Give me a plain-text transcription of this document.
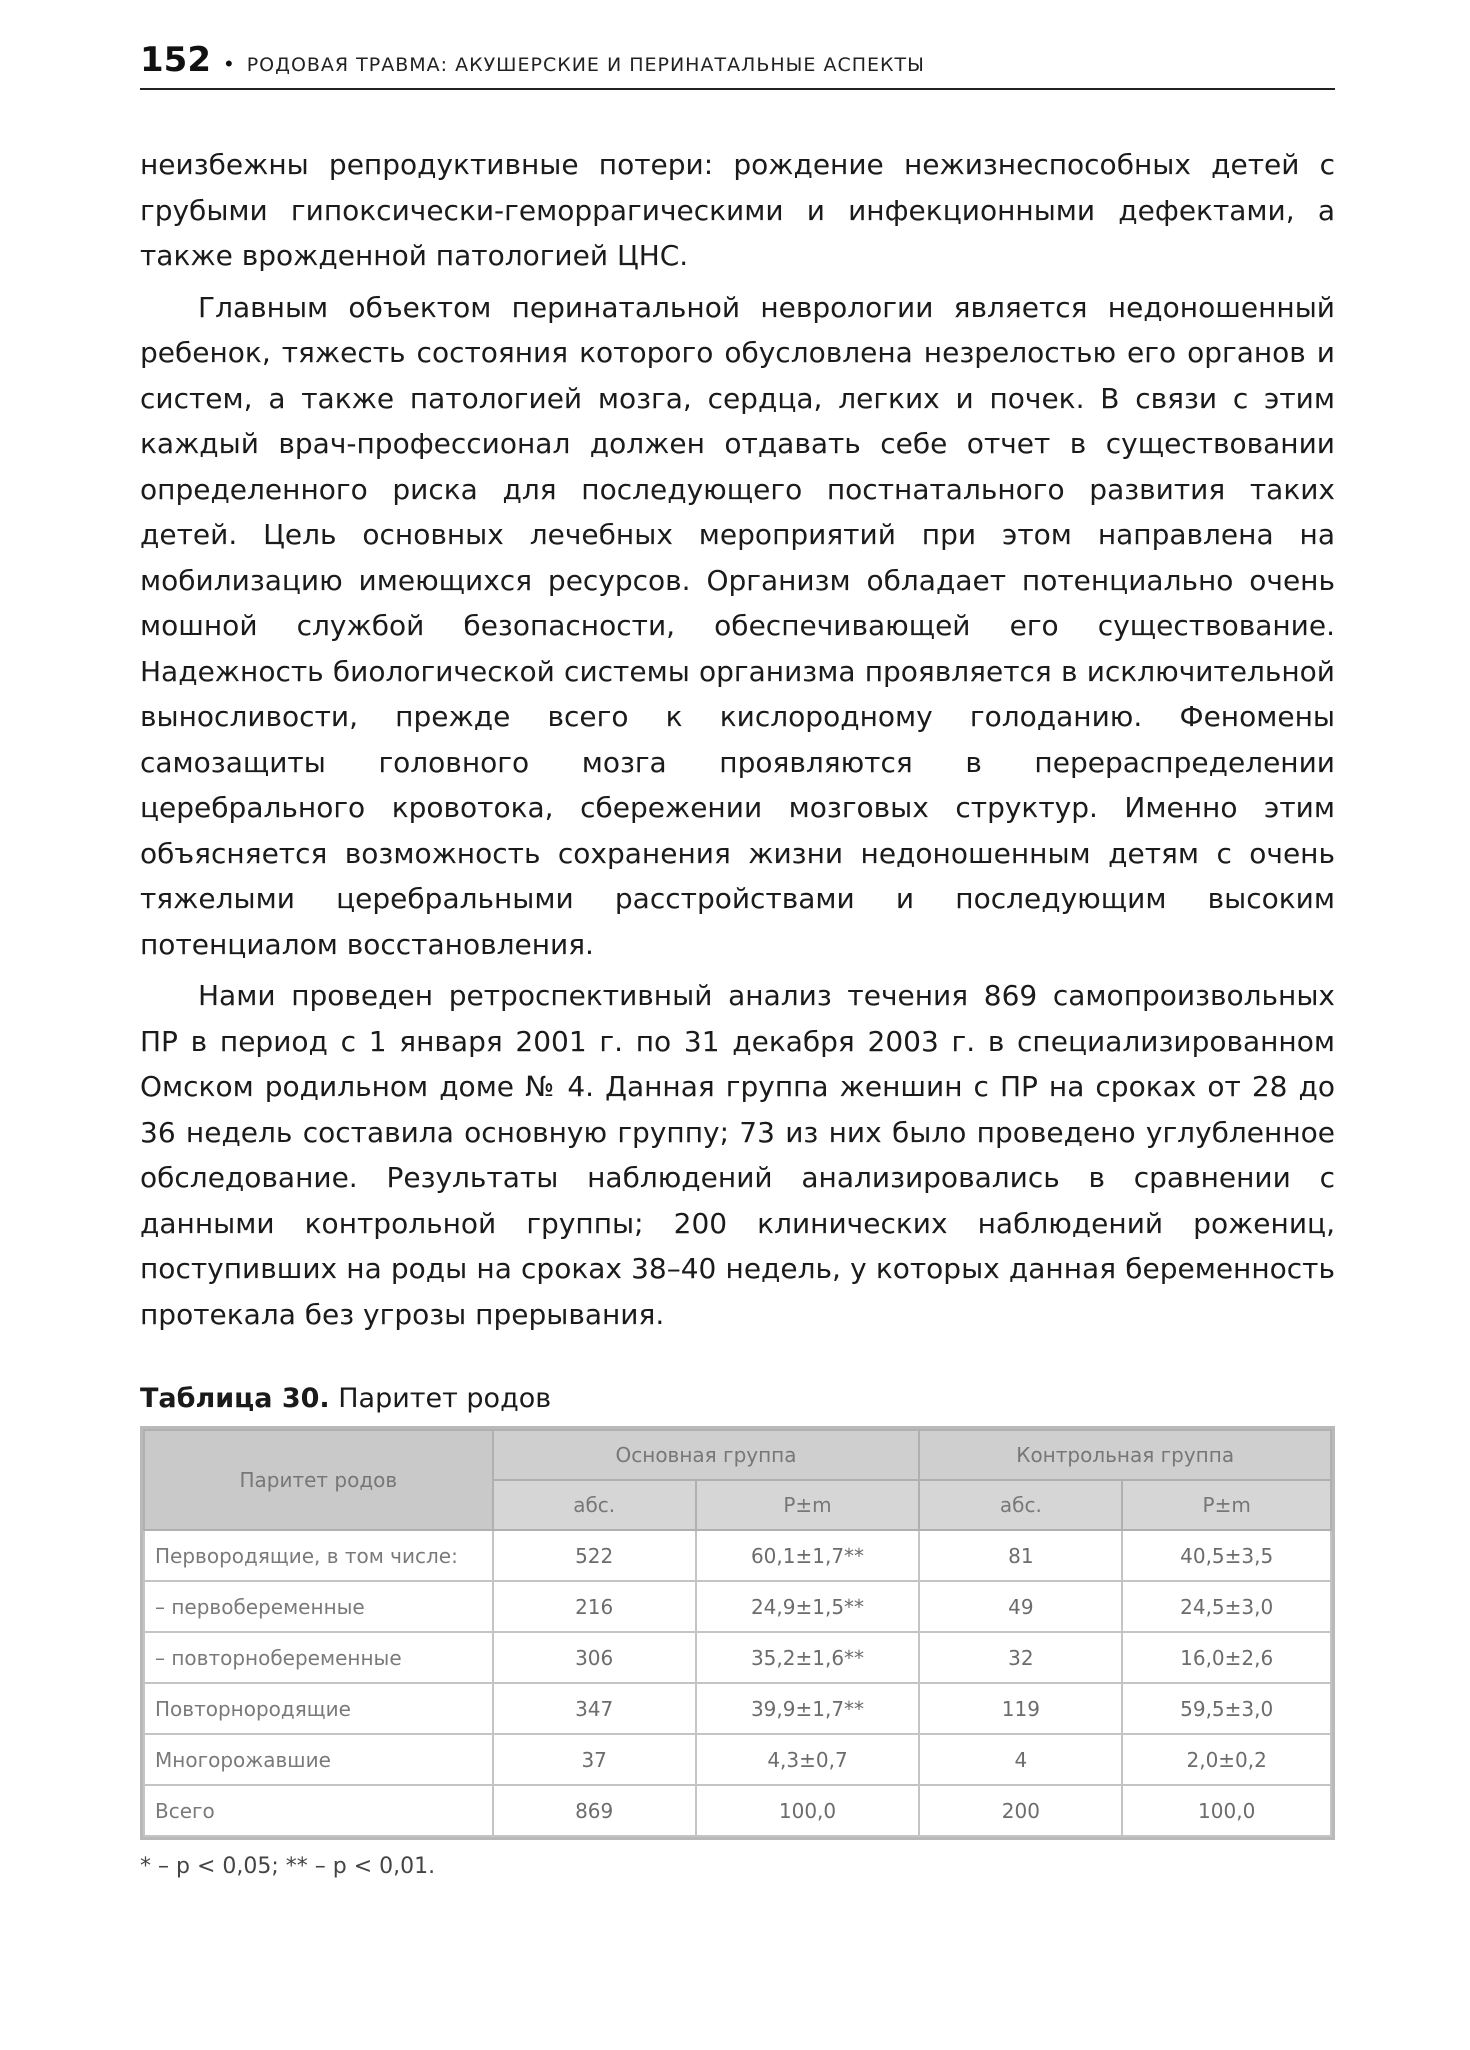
152 • РОДОВАЯ ТРАВМА: АКУШЕРСКИЕ И ПЕРИНАТАЛЬНЫЕ АСПЕКТЫ

неизбежны репродуктивные потери: рождение нежизнеспособных детей с грубыми гипоксически-геморрагическими и инфекционными дефектами, а также врожденной патологией ЦНС.

Главным объектом перинатальной неврологии является недоношенный ребенок, тяжесть состояния которого обусловлена незрелостью его органов и систем, а также патологией мозга, сердца, легких и почек. В связи с этим каждый врач-профессионал должен отдавать себе отчет в существовании определенного риска для последующего постнатального развития таких детей. Цель основных лечебных мероприятий при этом направлена на мобилизацию имеющихся ресурсов. Организм обладает потенциально очень мошной службой безопасности, обеспечивающей его существование. Надежность биологической системы организма проявляется в исключительной выносливости, прежде всего к кислородному голоданию. Феномены самозащиты головного мозга проявляются в перераспределении церебрального кровотока, сбережении мозговых структур. Именно этим объясняется возможность сохранения жизни недоношенным детям с очень тяжелыми церебральными расстройствами и последующим высоким потенциалом восстановления.

Нами проведен ретроспективный анализ течения 869 самопроизвольных ПР в период с 1 января 2001 г. по 31 декабря 2003 г. в специализированном Омском родильном доме № 4. Данная группа женшин с ПР на сроках от 28 до 36 недель составила основную группу; 73 из них было проведено углубленное обследование. Результаты наблюдений анализировались в сравнении с данными контрольной группы; 200 клинических наблюдений рожениц, поступивших на роды на сроках 38–40 недель, у которых данная беременность протекала без угрозы прерывания.

Таблица 30. Паритет родов
Паритет родов	Основная группа		Контрольная группа	
	абс.	P±m	абс.	P±m
Первородящие, в том числе:	522	60,1±1,7**	81	40,5±3,5
– первобеременные	216	24,9±1,5**	49	24,5±3,0
– повторнобеременные	306	35,2±1,6**	32	16,0±2,6
Повторнородящие	347	39,9±1,7**	119	59,5±3,0
Многорожавшие	37	4,3±0,7	4	2,0±0,2
Всего	869	100,0	200	100,0
* – p < 0,05; ** – p < 0,01.
